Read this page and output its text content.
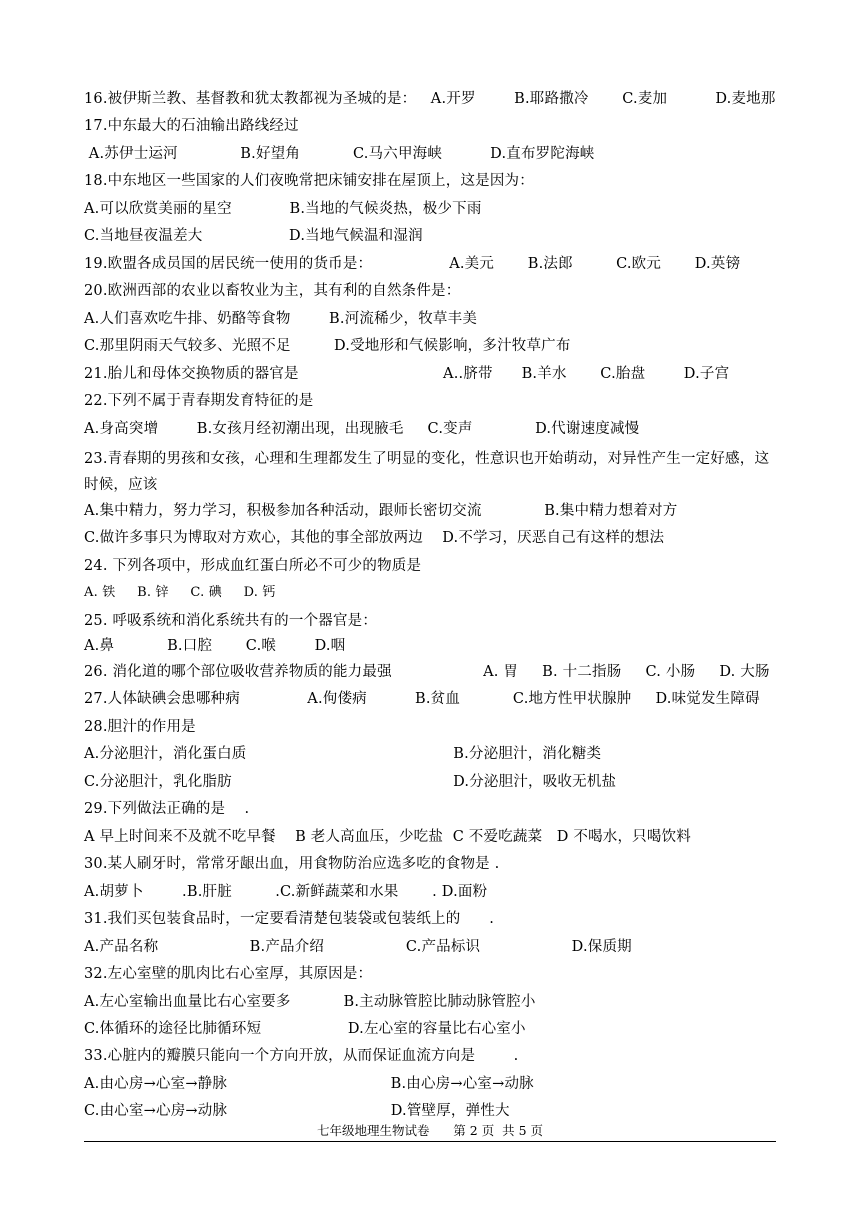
16.被伊斯兰教、基督教和犹太教都视为圣城的是：   A.开罗        B.耶路撒冷       C.麦加          D.麦地那
17.中东最大的石油输出路线经过
A.苏伊士运河             B.好望角           C.马六甲海峡          D.直布罗陀海峡
18.中东地区一些国家的人们夜晚常把床铺安排在屋顶上，这是因为：
A.可以欣赏美丽的星空            B.当地的气候炎热，极少下雨
C.当地昼夜温差大                  D.当地气候温和湿润
19.欧盟各成员国的居民统一使用的货币是：                A.美元       B.法郎         C.欧元       D.英镑
20.欧洲西部的农业以畜牧业为主，其有利的自然条件是：
A.人们喜欢吃牛排、奶酪等食物        B.河流稀少，牧草丰美
C.那里阴雨天气较多、光照不足         D.受地形和气候影响，多汁牧草广布
21.胎儿和母体交换物质的器官是                              A..脐带      B.羊水       C.胎盘        D.子宫
22.下列不属于青春期发育特征的是
A.身高突增        B.女孩月经初潮出现，出现腋毛     C.变声             D.代谢速度减慢
23.青春期的男孩和女孩，心理和生理都发生了明显的变化，性意识也开始萌动，对异性产生一定好感，这时候，应该
A.集中精力，努力学习，积极参加各种活动，跟师长密切交流             B.集中精力想着对方
C.做许多事只为博取对方欢心，其他的事全部放两边    D.不学习，厌恶自己有这样的想法
24. 下列各项中，形成血红蛋白所必不可少的物质是
A. 铁     B. 锌     C. 碘     D. 钙
25. 呼吸系统和消化系统共有的一个器官是：
A.鼻           B.口腔       C.喉        D.咽
26. 消化道的哪个部位吸收营养物质的能力最强                   A. 胃     B. 十二指肠     C. 小肠     D. 大肠
27.人体缺碘会患哪种病              A.佝偻病          B.贫血           C.地方性甲状腺肿     D.味觉发生障碍
28.胆汁的作用是
A.分泌胆汁，消化蛋白质                                           B.分泌胆汁，消化糖类
C.分泌胆汁，乳化脂肪                                              D.分泌胆汁，吸收无机盐
29.下列做法正确的是    .
A 早上时间来不及就不吃早餐    B 老人高血压，少吃盐  C 不爱吃蔬菜   D 不喝水，只喝饮料
30.某人刷牙时，常常牙龈出血，用食物防治应选多吃的食物是 .
A.胡萝卜        .B.肝脏         .C.新鲜蔬菜和水果       . D.面粉
31.我们买包装食品时，一定要看清楚包装袋或包装纸上的      .
A.产品名称                   B.产品介绍                 C.产品标识                   D.保质期
32.左心室壁的肌肉比右心室厚，其原因是：
A.左心室输出血量比右心室要多           B.主动脉管腔比肺动脉管腔小
C.体循环的途径比肺循环短                  D.左心室的容量比右心室小
33.心脏内的瓣膜只能向一个方向开放，从而保证血流方向是        .
A.由心房→心室→静脉                                  B.由心房→心室→动脉
C.由心室→心房→动脉                                  D.管壁厚，弹性大
七年级地理生物试卷      第 2 页  共 5 页
